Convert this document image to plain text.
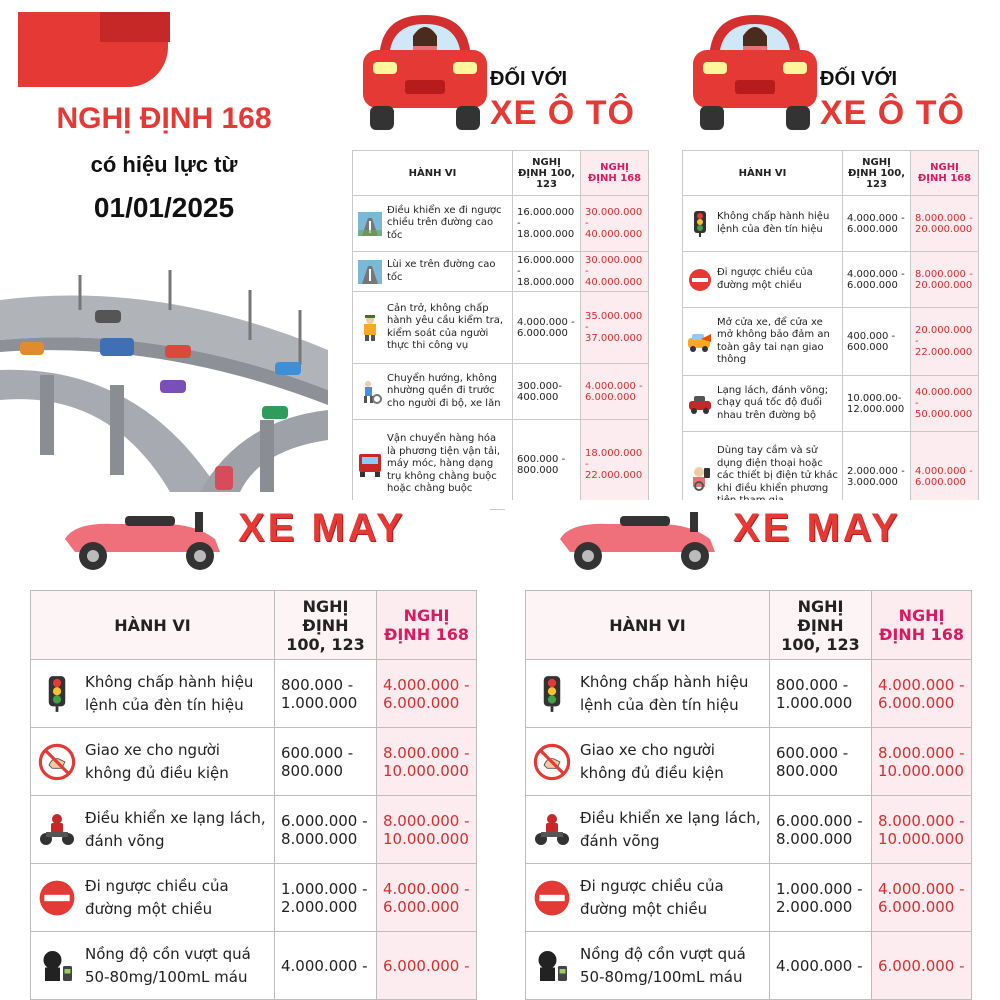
NGHỊ ĐỊNH 168
có hiệu lực từ
01/01/2025
ĐỐI VỚI
XE Ô TÔ
HÀNH VI	NGHỊ ĐỊNH 100, 123	NGHỊ ĐỊNH 168

Điều khiển xe đi ngược chiều trên đường cao tốc	16.000.000 - 18.000.000	30.000.000 - 40.000.000

Lùi xe trên đường cao tốc	16.000.000 - 18.000.000	30.000.000 - 40.000.000

Cản trở, không chấp hành yêu cầu kiểm tra, kiểm soát của người thực thi công vụ	4.000.000 - 6.000.000	35.000.000 - 37.000.000

Chuyển hướng, không nhường quền đi trước cho người đi bộ, xe lăn	300.000- 400.000	4.000.000 - 6.000.000

Vận chuyển hàng hóa là phương tiện vận tải, máy móc, hàng dạng trụ không chằng buộc hoặc chằng buộc	600.000 - 800.000	18.000.000 - 22.000.000
ĐỐI VỚI
XE Ô TÔ
HÀNH VI	NGHỊ ĐỊNH 100, 123	NGHỊ ĐỊNH 168

Không chấp hành hiệu lệnh của đèn tín hiệu	4.000.000 - 6.000.000	8.000.000 - 20.000.000

Đi ngược chiều của đường một chiều	4.000.000 - 6.000.000	8.000.000 - 20.000.000

Mở cửa xe, để cửa xe mở không bảo đảm an toàn gây tai nạn giao thông	400.000 - 600.000	20.000.000 - 22.000.000

Lạng lách, đánh võng; chạy quá tốc độ đuổi nhau trên đường bộ	10.000.00- 12.000.000	40.000.000 - 50.000.000

Dùng tay cầm và sử dụng điện thoại hoặc các thiết bị điện tử khác khi điều khiển phương	2.000.000 - 3.000.000	4.000.000 - 6.000.000
XE MAY
HÀNH VI	NGHỊ ĐỊNH 100, 123	NGHỊ ĐỊNH 168

Không chấp hành hiệu lệnh của đèn tín hiệu	800.000 - 1.000.000	4.000.000 - 6.000.000

Giao xe cho người không đủ điều kiện	600.000 - 800.000	8.000.000 - 10.000.000

Điều khiển xe lạng lách, đánh võng	6.000.000 - 8.000.000	8.000.000 - 10.000.000

Đi ngược chiều của đường một chiều	1.000.000 - 2.000.000	4.000.000 - 6.000.000

Nồng độ cồn vượt quá 50-80mg/100mL máu	4.000.000 -	6.000.000 -
XE MAY
HÀNH VI	NGHỊ ĐỊNH 100, 123	NGHỊ ĐỊNH 168

Không chấp hành hiệu lệnh của đèn tín hiệu	800.000 - 1.000.000	4.000.000 - 6.000.000

Giao xe cho người không đủ điều kiện	600.000 - 800.000	8.000.000 - 10.000.000

Điều khiển xe lạng lách, đánh võng	6.000.000 - 8.000.000	8.000.000 - 10.000.000

Đi ngược chiều của đường một chiều	1.000.000 - 2.000.000	4.000.000 - 6.000.000

Nồng độ cồn vượt quá 50-80mg/100mL máu	4.000.000 -	6.000.000 -
